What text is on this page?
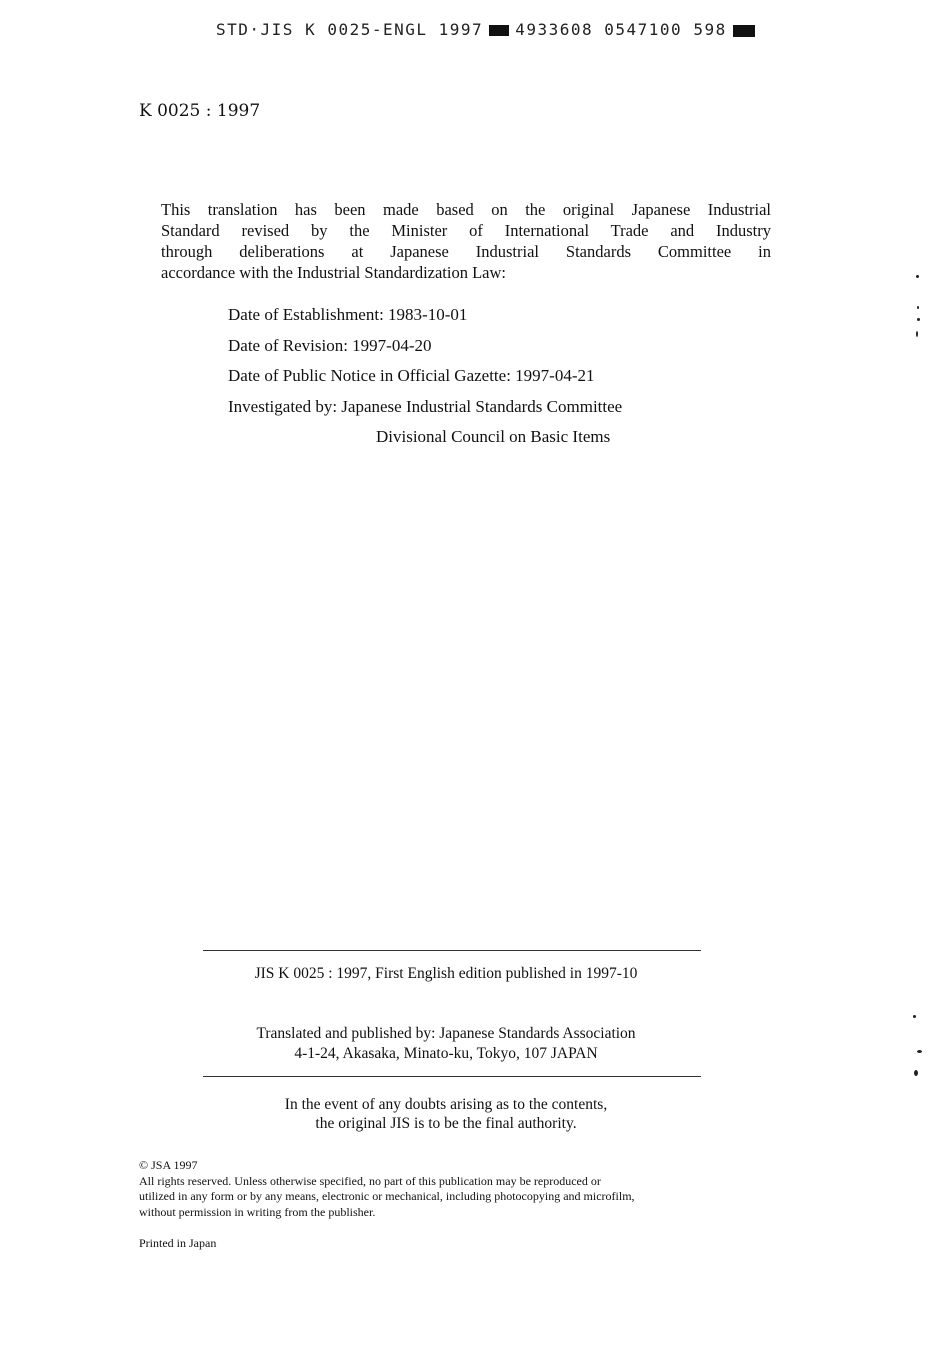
STD·JIS K 0025-ENGL 1997 4933608 0547100 598
K 0025 : 1997
This translation has been made based on the original Japanese Industrial
Standard revised by the Minister of International Trade and Industry
through deliberations at Japanese Industrial Standards Committee in
accordance with the Industrial Standardization Law:
Date of Establishment: 1983-10-01
Date of Revision: 1997-04-20
Date of Public Notice in Official Gazette: 1997-04-21
Investigated by: Japanese Industrial Standards Committee
Divisional Council on Basic Items
JIS K 0025 : 1997, First English edition published in 1997-10
Translated and published by: Japanese Standards Association
4-1-24, Akasaka, Minato-ku, Tokyo, 107 JAPAN
In the event of any doubts arising as to the contents,
the original JIS is to be the final authority.
© JSA 1997
All rights reserved. Unless otherwise specified, no part of this publication may be reproduced or
utilized in any form or by any means, electronic or mechanical, including photocopying and microfilm,
without permission in writing from the publisher.
Printed in Japan
